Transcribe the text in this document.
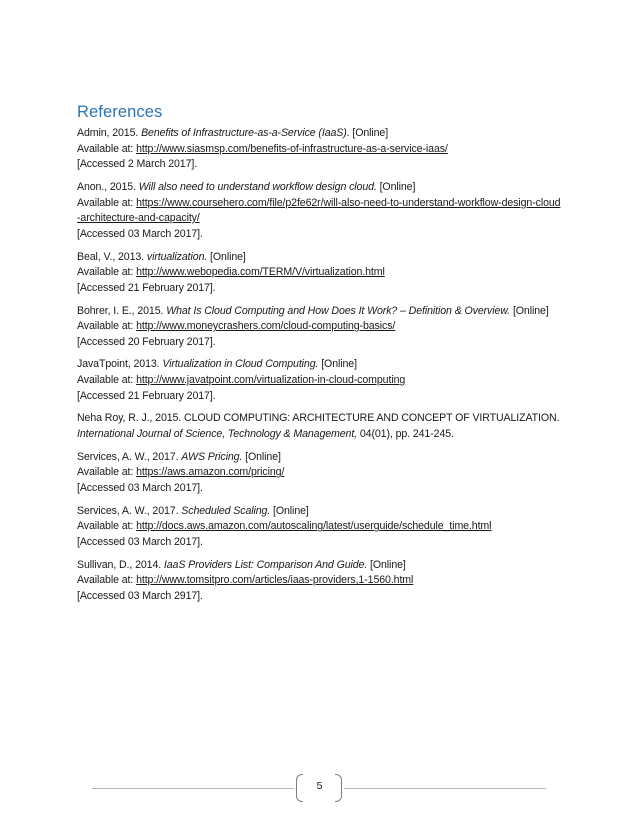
References
Admin, 2015. Benefits of Infrastructure-as-a-Service (IaaS). [Online]
Available at: http://www.siasmsp.com/benefits-of-infrastructure-as-a-service-iaas/
[Accessed 2 March 2017].
Anon., 2015. Will also need to understand workflow design cloud. [Online]
Available at: https://www.coursehero.com/file/p2fe62r/will-also-need-to-understand-workflow-design-cloud-architecture-and-capacity/
[Accessed 03 March 2017].
Beal, V., 2013. virtualization. [Online]
Available at: http://www.webopedia.com/TERM/V/virtualization.html
[Accessed 21 February 2017].
Bohrer, I. E., 2015. What Is Cloud Computing and How Does It Work? – Definition & Overview. [Online]
Available at: http://www.moneycrashers.com/cloud-computing-basics/
[Accessed 20 February 2017].
JavaTpoint, 2013. Virtualization in Cloud Computing. [Online]
Available at: http://www.javatpoint.com/virtualization-in-cloud-computing
[Accessed 21 February 2017].
Neha Roy, R. J., 2015. CLOUD COMPUTING: ARCHITECTURE AND CONCEPT OF VIRTUALIZATION.
International Journal of Science, Technology & Management, 04(01), pp. 241-245.
Services, A. W., 2017. AWS Pricing. [Online]
Available at: https://aws.amazon.com/pricing/
[Accessed 03 March 2017].
Services, A. W., 2017. Scheduled Scaling. [Online]
Available at: http://docs.aws.amazon.com/autoscaling/latest/userguide/schedule_time.html
[Accessed 03 March 2017].
Sullivan, D., 2014. IaaS Providers List: Comparison And Guide. [Online]
Available at: http://www.tomsitpro.com/articles/iaas-providers,1-1560.html
[Accessed 03 March 2917].
5
